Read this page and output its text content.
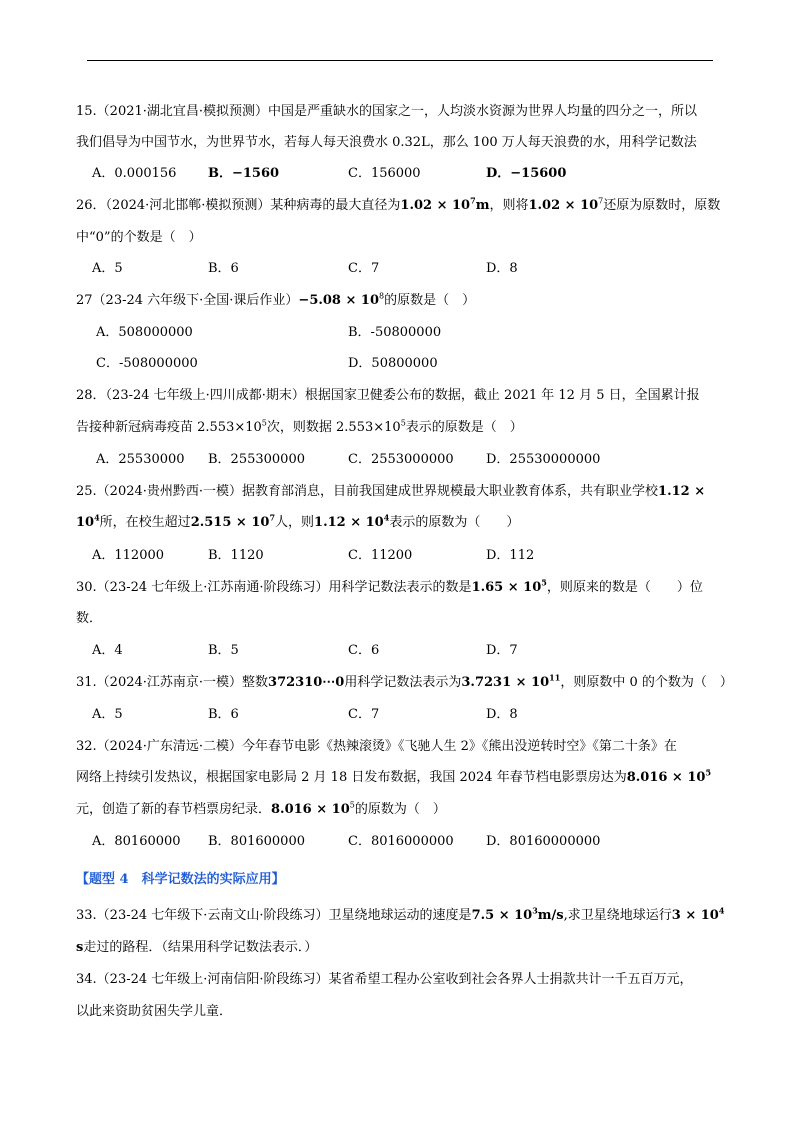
15.（2021·湖北宜昌·模拟预测）中国是严重缺水的国家之一，人均淡水资源为世界人均量的四分之一，所以
我们倡导为中国节水，为世界节水，若每人每天浪费水 0.32L，那么 100 万人每天浪费的水，用科学记数法
A．0.000156 B．−1560	C．156000	D．−15600
26．（2024·河北邯郸·模拟预测）某种病毒的最大直径为$1.02 \times 10^7m$，则将$1.02 \times 10^7$还原为原数时，原数
中“0”的个数是（　）
A．5	B．6	C．7	D．8
27（23-24 六年级下·全国·课后作业）$-5.08 \times 10^8$的原数是（　）
A．508000000	B．-50800000
C．-508000000	D．50800000
28．（23-24 七年级上·四川成都·期末）根据国家卫健委公布的数据，截止 2021 年 12 月 5 日，全国累计报
告接种新冠病毒疫苗 $2.553\times 10^5$次，则数据 $2.553\times 10^5$表示的原数是（　）
A．25530000 B．255300000	C．2553000000 D．25530000000
25.（2024·贵州黔西·一模）据教育部消息，目前我国建成世界规模最大职业教育体系，共有职业学校1.12 ×
$10^4$所，在校生超过$2.515 \times 10^7$人，则$1.12 \times 10^4$表示的原数为（　　）
A．112000	B．1120	C．11200	D．112
30.（23-24 七年级上·江苏南通·阶段练习）用科学记数法表示的数是$1.65 \times 10^5$，则原来的数是（　　）位
数．
A．4	B．5	C．6	D．7
31.（2024·江苏南京·一模）整数372310⋯0用科学记数法表示为$3.7231 \times 10^{11}$，则原数中 0 的个数为（　）
A．5	B．6	C．7	D．8
32.（2024·广东清远·二模）今年春节电影《热辣滚烫》《飞驰人生 2》《熊出没逆转时空》《第二十条》在
网络上持续引发热议，根据国家电影局 2 月 18 日发布数据，我国 2024 年春节档电影票房达为$8.016 \times 10^5$
元，创造了新的春节档票房纪录．$8.016 \times 10^5$的原数为（　）
A．80160000 B．801600000	C．8016000000 D．80160000000
【题型 4　科学记数法的实际应用】
33.（23-24 七年级下·云南文山·阶段练习）卫星绕地球运动的速度是$7.5 \times 10^3m/s$,求卫星绕地球运行$3 \times 10^4$
s走过的路程．（结果用科学记数法表示．）
34.（23-24 七年级上·河南信阳·阶段练习）某省希望工程办公室收到社会各界人士捐款共计一千五百万元，
以此来资助贫困失学儿童．
